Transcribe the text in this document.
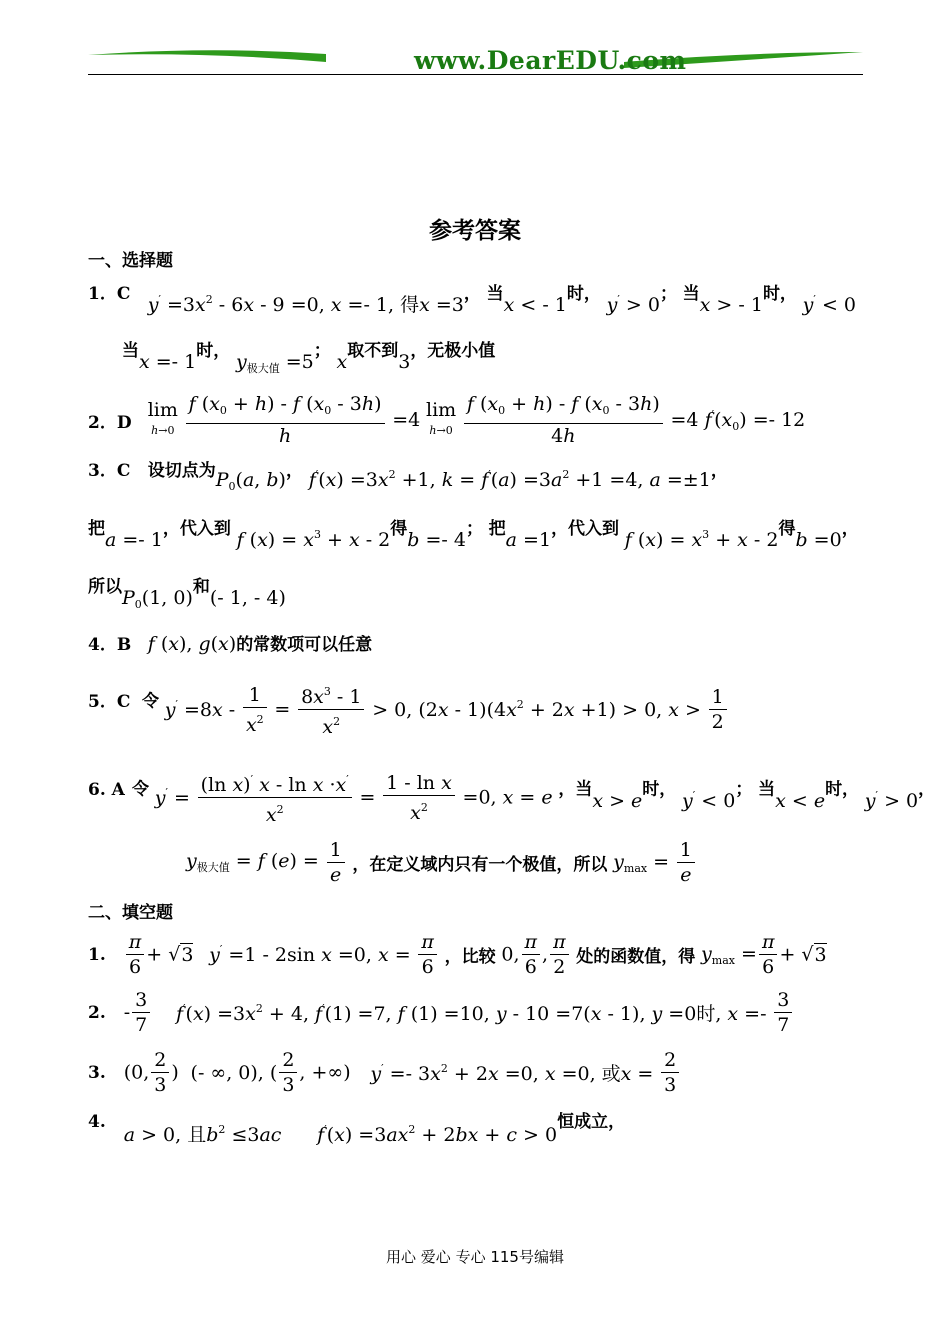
www.DearEDU.com
参考答案
一、选择题
1．C $y' =3x^2 - 6x - 9 =0$, x =- 1, 得x =3， 当x < - 1时， y′ > 0； 当x > - 1时， y′ < 0
当x =- 1时， $y_{极大值} =5$； x取不到3，无极小值
2．D lim
$h\to 0 \frac{f (x_0 + h) - f (x_0 - 3h)}{h} =4$ lim
$h\to 0 \frac{f (x_0 + h) - f (x_0 - 3h)}{4h} =4$ $f'(x_0) =- 12$
3．C 设切点为$P_0(a$, b)， $f'(x) =3x^2 +1$, $k = f'(a) =3a^2 +1 =4$, a =±1，
把a =- 1，代入到 f $(x) = x^3 + x - 2$得b =- 4； 把a =1，代入到 f $(x) = x^3 + x - 2$得b =0，
所以$P_0(1$, 0)和(- 1, - 4)
4．B f (x), g(x)的常数项可以任意
5．C 令 $y' =8x - \frac{1}{x^2} = \frac{8x^3 - 1}{x^2} > 0$, $(2x - 1)(4x^2 + 2x +1) > 0$, $x > \frac{1}{2}$
6. A 令 $y' = \frac{(\ln x)' x - \ln x \cdot x'}{x^2} = \frac{\text{1 - ln x}}{x^2} =0$, x = e ，当x > e时， y′ < 0； 当x < e时， y′ > 0，
$y_{极大值} = f$ $(e) = \frac{1}{e}$ ，在定义域内只有一个极值，所以 $y_{max} = \frac{1}{e}$
二、填空题
1. $\frac{\pi}{6} + √3$ y′ =1 - 2sin x =0, $x = \frac{\pi}{6}$ ，比较 0, $\frac{\pi}{6}$ , $\frac{\pi}{2}$ 处的函数值，得 $y_{max} = \frac{\pi}{6} + √3$
2. - $\frac{3}{7} f'(x) =3x^2 + 4$, f′(1) =7, f (1) =10, y - 10 =7(x - 1), y =0时, $x =- \frac{3}{7}$
3. (0, $\frac{2}{3}$ ) (- ∞, 0), ( $\frac{2}{3}$ , +∞) $y' =- 3x^2 + 2x =0$, x =0, 或$x = \frac{2}{3}$
4. a > 0, 且$b^2 \le 3ac$ $f'(x) =3ax^2 + 2bx + c > 0$恒成立，
用心 爱心 专心 115号编辑
